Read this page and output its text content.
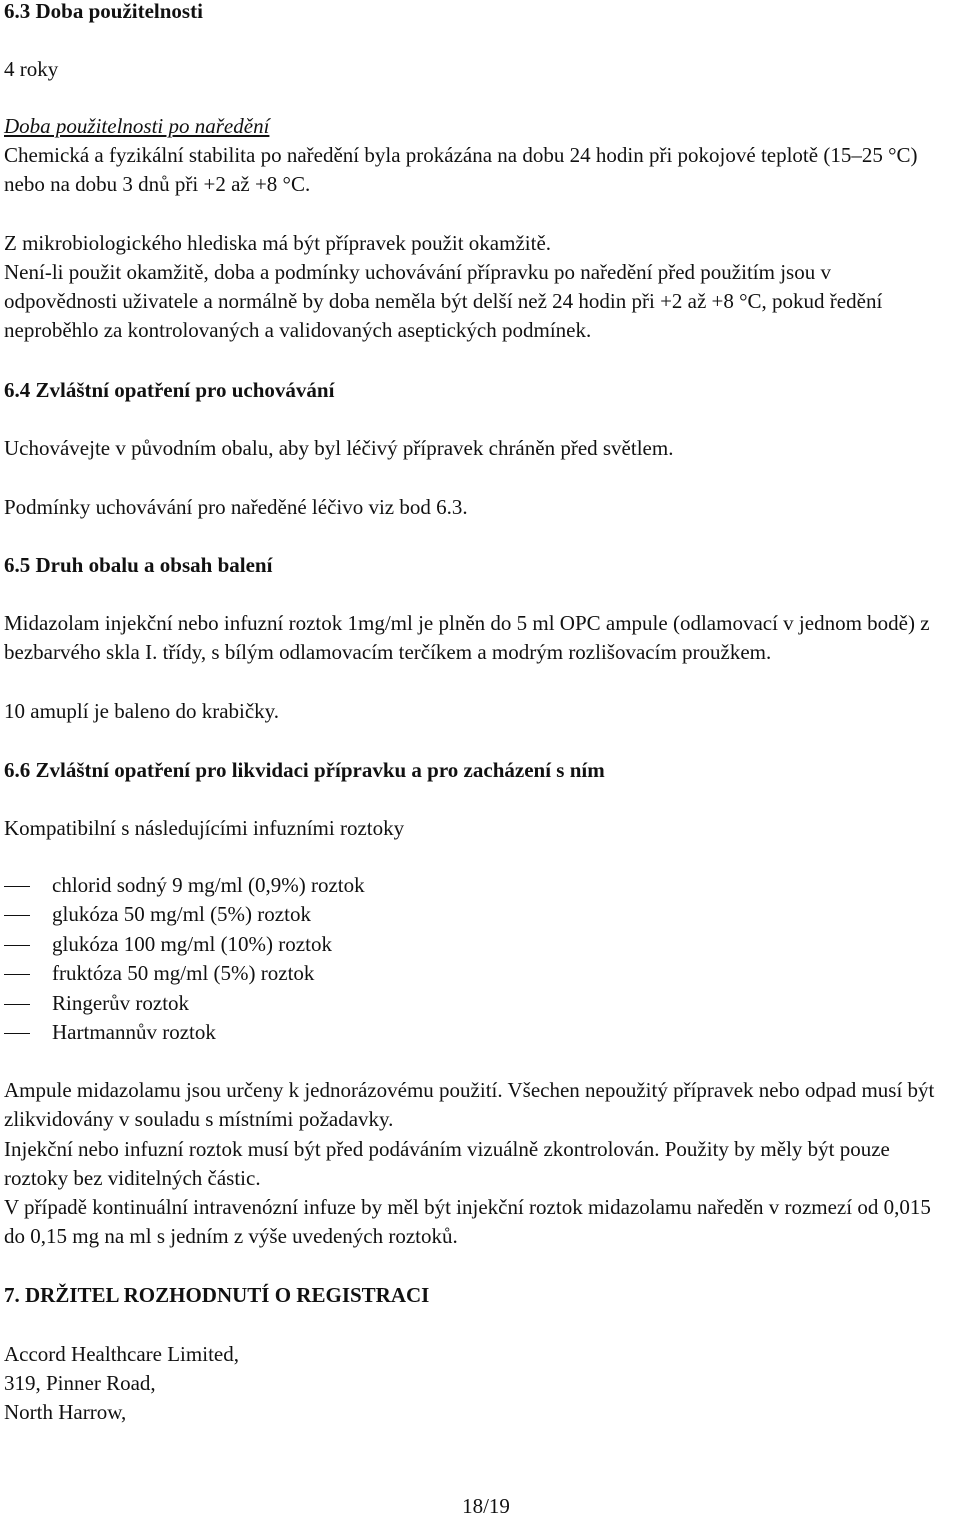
6.3 Doba použitelnosti

4 roky

Doba použitelnosti po naředění

Chemická a fyzikální stabilita po naředění byla prokázána na dobu 24 hodin při pokojové teplotě (15–25 °C) nebo na dobu 3 dnů při +2 až +8 °C.

Z mikrobiologického hlediska má být přípravek použit okamžitě.

Není-li použit okamžitě, doba a podmínky uchovávání přípravku po naředění před použitím jsou v odpovědnosti uživatele a normálně by doba neměla být delší než 24 hodin při +2 až +8 °C, pokud ředění neproběhlo za kontrolovaných a validovaných aseptických podmínek.

6.4 Zvláštní opatření pro uchovávání

Uchovávejte v původním obalu, aby byl léčivý přípravek chráněn před světlem.

Podmínky uchovávání pro naředěné léčivo viz bod 6.3.

6.5 Druh obalu a obsah balení

Midazolam injekční nebo infuzní roztok 1mg/ml je plněn do 5 ml OPC ampule (odlamovací v jednom bodě) z bezbarvého skla I. třídy, s bílým odlamovacím terčíkem a modrým rozlišovacím proužkem.

10 amuplí je baleno do krabičky.

6.6 Zvláštní opatření pro likvidaci přípravku a pro zacházení s ním

Kompatibilní s následujícími infuzními roztoky

chlorid sodný 9 mg/ml (0,9%) roztok
glukóza 50 mg/ml (5%) roztok
glukóza 100 mg/ml (10%) roztok
fruktóza 50 mg/ml (5%) roztok
Ringerův roztok
Hartmannův roztok

Ampule midazolamu jsou určeny k jednorázovému použití. Všechen nepoužitý přípravek nebo odpad musí být zlikvidovány v souladu s místními požadavky.

Injekční nebo infuzní roztok musí být před podáváním vizuálně zkontrolován. Použity by měly být pouze roztoky bez viditelných částic.

V případě kontinuální intravenózní infuze by měl být injekční roztok midazolamu naředěn v rozmezí od 0,015 do 0,15 mg na ml s jedním z výše uvedených roztoků.

7. DRŽITEL ROZHODNUTÍ O REGISTRACI

Accord Healthcare Limited,

319, Pinner Road,

North Harrow,

18/19
